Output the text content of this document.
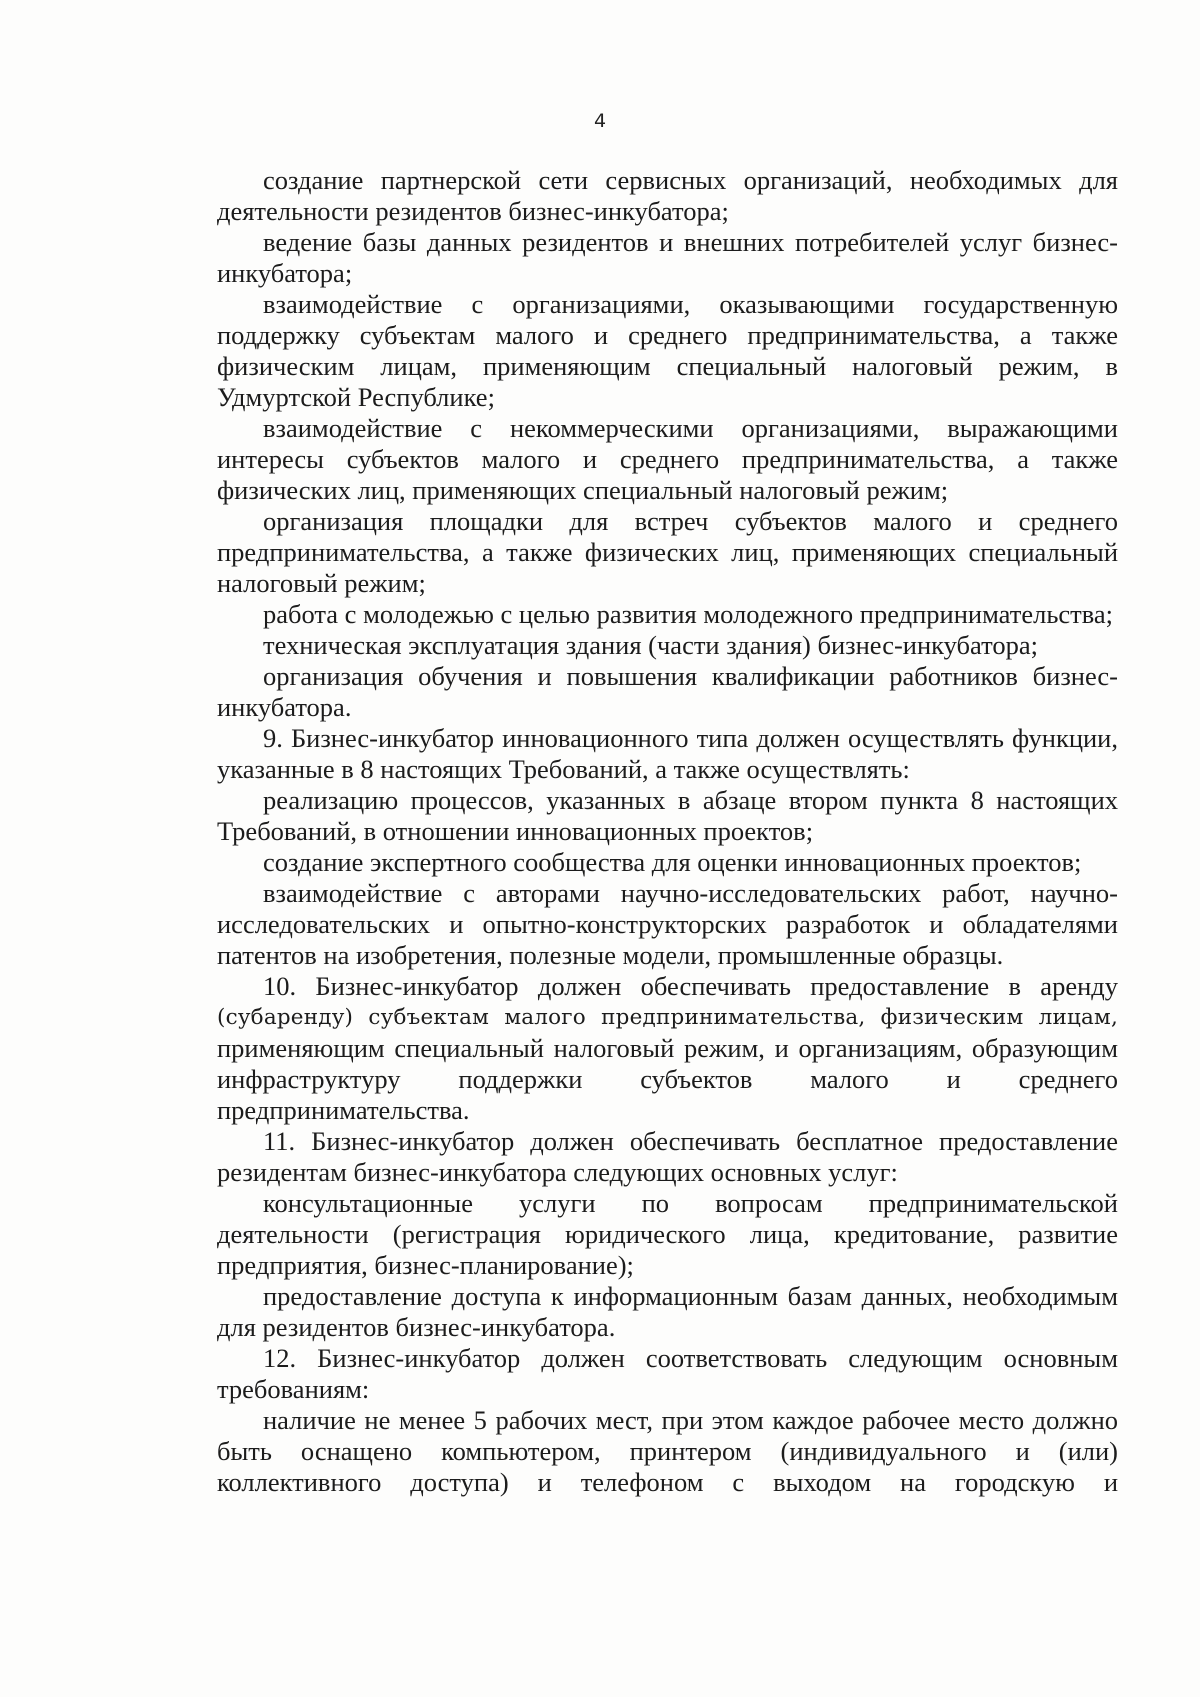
4

создание партнерской сети сервисных организаций, необходимых для деятельности резидентов бизнес-инкубатора;

ведение базы данных резидентов и внешних потребителей услуг бизнес-инкубатора;

взаимодействие с организациями, оказывающими государственную поддержку субъектам малого и среднего предпринимательства, а также физическим лицам, применяющим специальный налоговый режим, в Удмуртской Республике;

взаимодействие с некоммерческими организациями, выражающими интересы субъектов малого и среднего предпринимательства, а также физических лиц, применяющих специальный налоговый режим;

организация площадки для встреч субъектов малого и среднего предпринимательства, а также физических лиц, применяющих специальный налоговый режим;

работа с молодежью с целью развития молодежного предпринимательства;

техническая эксплуатация здания (части здания) бизнес-инкубатора;

организация обучения и повышения квалификации работников бизнес-инкубатора.

9. Бизнес-инкубатор инновационного типа должен осуществлять функции, указанные в 8 настоящих Требований, а также осуществлять:

реализацию процессов, указанных в абзаце втором пункта 8 настоящих Требований, в отношении инновационных проектов;

создание экспертного сообщества для оценки инновационных проектов;

взаимодействие с авторами научно-исследовательских работ, научно-исследовательских и опытно-конструкторских разработок и обладателями патентов на изобретения, полезные модели, промышленные образцы.

10. Бизнес-инкубатор должен обеспечивать предоставление в аренду

(субаренду) субъектам малого предпринимательства, физическим лицам,

применяющим специальный налоговый режим, и организациям, образующим инфраструктуру поддержки субъектов малого и среднего предпринимательства.

11. Бизнес-инкубатор должен обеспечивать бесплатное предоставление резидентам бизнес-инкубатора следующих основных услуг:

консультационные услуги по вопросам предпринимательской деятельности (регистрация юридического лица, кредитование, развитие предприятия, бизнес-планирование);

предоставление доступа к информационным базам данных, необходимым для резидентов бизнес-инкубатора.

12. Бизнес-инкубатор должен соответствовать следующим основным требованиям:

наличие не менее 5 рабочих мест, при этом каждое рабочее место должно быть оснащено компьютером, принтером (индивидуального и (или) коллективного доступа) и телефоном с выходом на городскую и
